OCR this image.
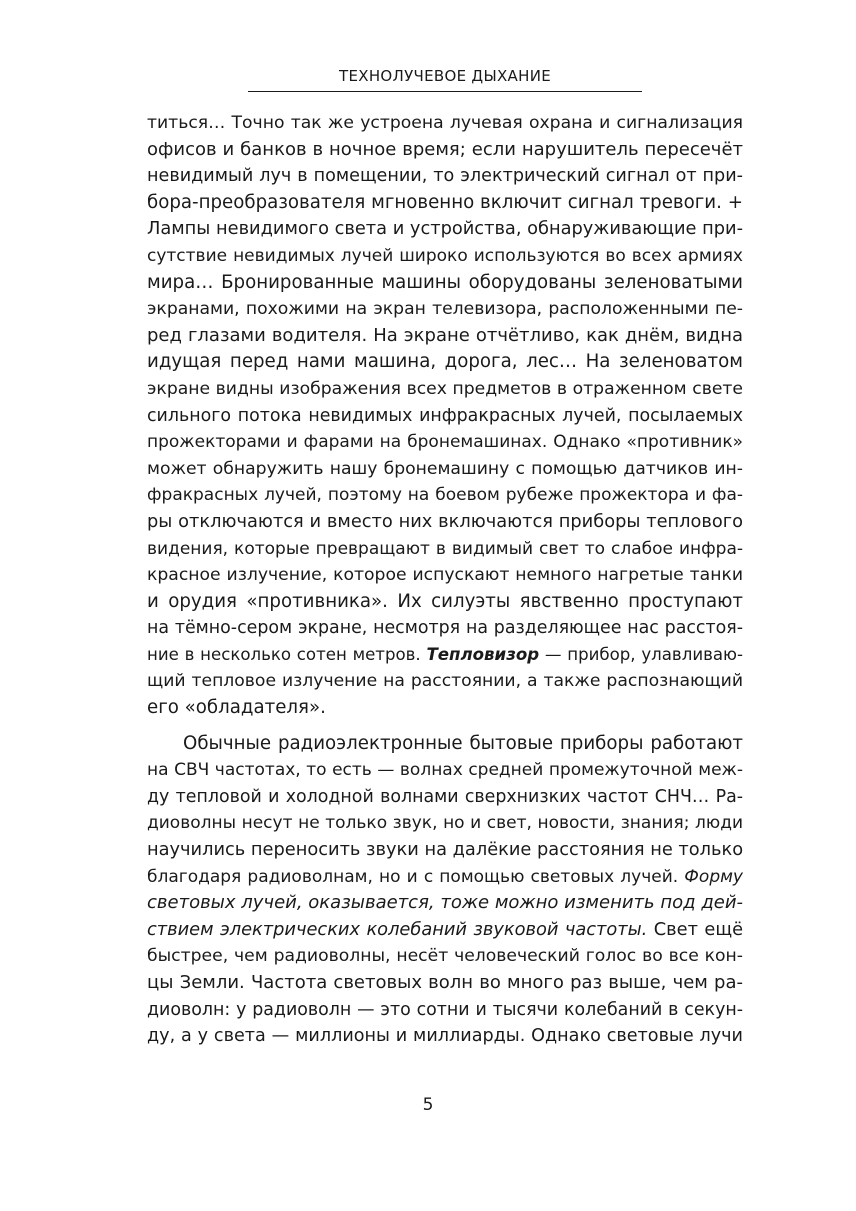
ТЕХНОЛУЧЕВОЕ ДЫХАНИЕ
титься… Точно так же устроена лучевая охрана и сигнализация
офисов и банков в ночное время; если нарушитель пересечёт
невидимый луч в помещении, то электрический сигнал от при-
бора-преобразователя мгновенно включит сигнал тревоги. +
Лампы невидимого света и устройства, обнаруживающие при-
сутствие невидимых лучей широко используются во всех армиях
мира… Бронированные машины оборудованы зеленоватыми
экранами, похожими на экран телевизора, расположенными пе-
ред глазами водителя. На экране отчётливо, как днём, видна
идущая перед нами машина, дорога, лес… На зеленоватом
экране видны изображения всех предметов в отраженном свете
сильного потока невидимых инфракрасных лучей, посылаемых
прожекторами и фарами на бронемашинах. Однако «противник»
может обнаружить нашу бронемашину с помощью датчиков ин-
фракрасных лучей, поэтому на боевом рубеже прожектора и фа-
ры отключаются и вместо них включаются приборы теплового
видения, которые превращают в видимый свет то слабое инфра-
красное излучение, которое испускают немного нагретые танки
и орудия «противника». Их силуэты явственно проступают
на тёмно-сером экране, несмотря на разделяющее нас расстоя-
ние в несколько сотен метров. Тепловизор — прибор, улавливаю-
щий тепловое излучение на расстоянии, а также распознающий
его «обладателя».
Обычные радиоэлектронные бытовые приборы работают
на СВЧ частотах, то есть — волнах средней промежуточной меж-
ду тепловой и холодной волнами сверхнизких частот СНЧ… Ра-
диоволны несут не только звук, но и свет, новости, знания; люди
научились переносить звуки на далёкие расстояния не только
благодаря радиоволнам, но и с помощью световых лучей. Форму
световых лучей, оказывается, тоже можно изменить под дей-
ствием электрических колебаний звуковой частоты. Свет ещё
быстрее, чем радиоволны, несёт человеческий голос во все кон-
цы Земли. Частота световых волн во много раз выше, чем ра-
диоволн: у радиоволн — это сотни и тысячи колебаний в секун-
ду, а у света — миллионы и миллиарды. Однако световые лучи
5
